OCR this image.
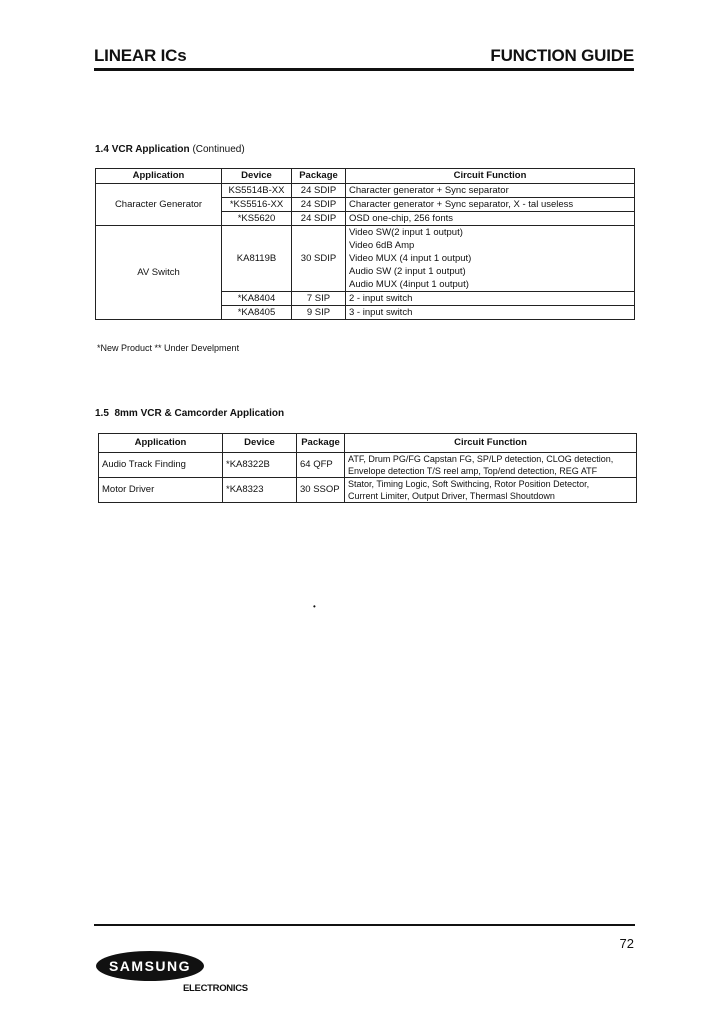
LINEAR ICs	FUNCTION GUIDE
1.4 VCR Application (Continued)
Application	Device	Package	Circuit Function
Character Generator	KS5514B-XX	24 SDIP	Character generator + Sync separator
	*KS5516-XX	24 SDIP	Character generator + Sync separator, X - tal useless
	*KS5620	24 SDIP	OSD one-chip, 256 fonts
AV Switch	KA8119B	30 SDIP	Video SW(2 input 1 output)
Video 6dB Amp
Video MUX (4 input 1 output)
Audio SW (2 input 1 output)
Audio MUX (4input 1 output)

	*KA8404	7 SIP	2 - input switch
	*KA8405	9 SIP	3 - input switch
*New Product ** Under Develpment
1.5 8mm VCR & Camcorder Application
Application	Device	Package	Circuit Function
Audio Track Finding	*KA8322B	64 QFP	ATF, Drum PG/FG Capstan FG, SP/LP detection, CLOG detection,
Envelope detection T/S reel amp, Top/end detection, REG ATF

Motor Driver	*KA8323	30 SSOP	Stator, Timing Logic, Soft Swithcing, Rotor Position Detector,
Current Limiter, Output Driver, Thermasl Shoutdown
•
72
SAMSUNG
ELECTRONICS
